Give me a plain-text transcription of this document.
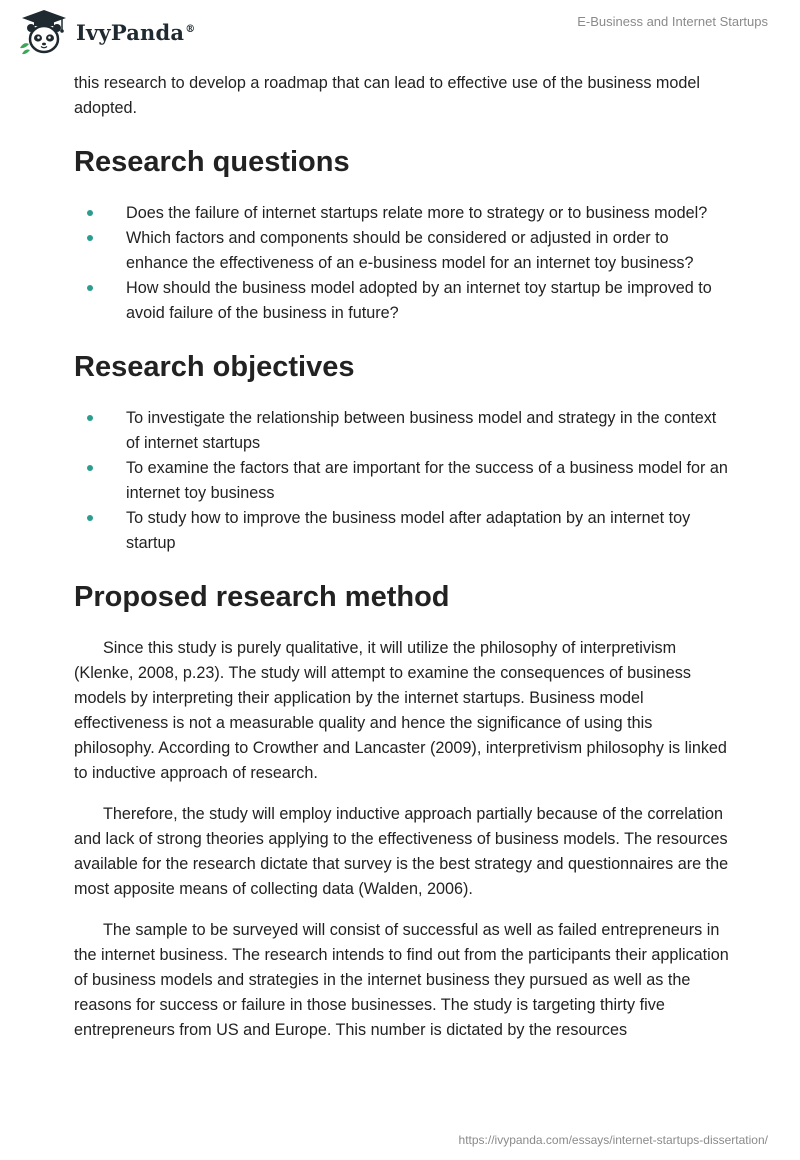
IvyPanda®	E-Business and Internet Startups

this research to develop a roadmap that can lead to effective use of the business model adopted.

Research questions
Does the failure of internet startups relate more to strategy or to business model?
Which factors and components should be considered or adjusted in order to enhance the effectiveness of an e-business model for an internet toy business?
How should the business model adopted by an internet toy startup be improved to avoid failure of the business in future?
Research objectives
To investigate the relationship between business model and strategy in the context of internet startups
To examine the factors that are important for the success of a business model for an internet toy business
To study how to improve the business model after adaptation by an internet toy startup
Proposed research method

Since this study is purely qualitative, it will utilize the philosophy of interpretivism (Klenke, 2008, p.23). The study will attempt to examine the consequences of business models by interpreting their application by the internet startups. Business model effectiveness is not a measurable quality and hence the significance of using this philosophy. According to Crowther and Lancaster (2009), interpretivism philosophy is linked to inductive approach of research.

Therefore, the study will employ inductive approach partially because of the correlation and lack of strong theories applying to the effectiveness of business models. The resources available for the research dictate that survey is the best strategy and questionnaires are the most apposite means of collecting data (Walden, 2006).

The sample to be surveyed will consist of successful as well as failed entrepreneurs in the internet business. The research intends to find out from the participants their application of business models and strategies in the internet business they pursued as well as the reasons for success or failure in those businesses. The study is targeting thirty five entrepreneurs from US and Europe. This number is dictated by the resources

https://ivypanda.com/essays/internet-startups-dissertation/
